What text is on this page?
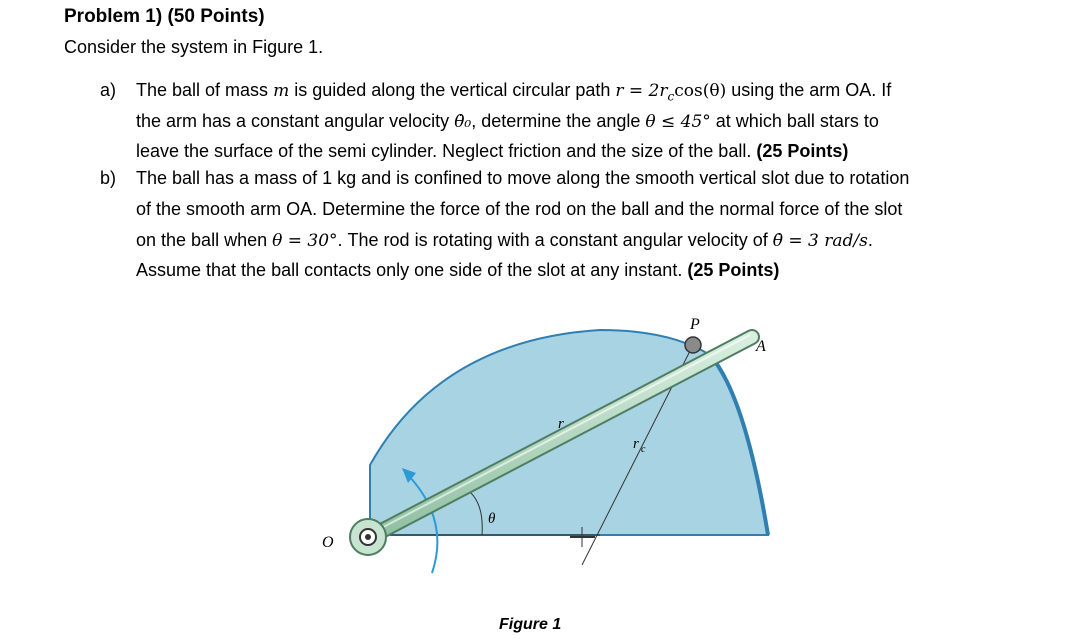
Problem 1) (50 Points)
Consider the system in Figure 1.
a) The ball of mass m is guided along the vertical circular path $r = 2r_c\cos(\theta)$ using the arm OA. If
the arm has a constant angular velocity θ̇₀, determine the angle θ ≤ 45° at which ball stars to
leave the surface of the semi cylinder. Neglect friction and the size of the ball. (25 Points)
b) The ball has a mass of 1 kg and is confined to move along the smooth vertical slot due to rotation
of the smooth arm OA. Determine the force of the rod on the ball and the normal force of the slot
on the ball when θ = 30°. The rod is rotating with a constant angular velocity of θ̇ = 3 rad/s.
Assume that the ball contacts only one side of the slot at any instant. (25 Points)
P
A
O
r
r c
θ
Figure 1
